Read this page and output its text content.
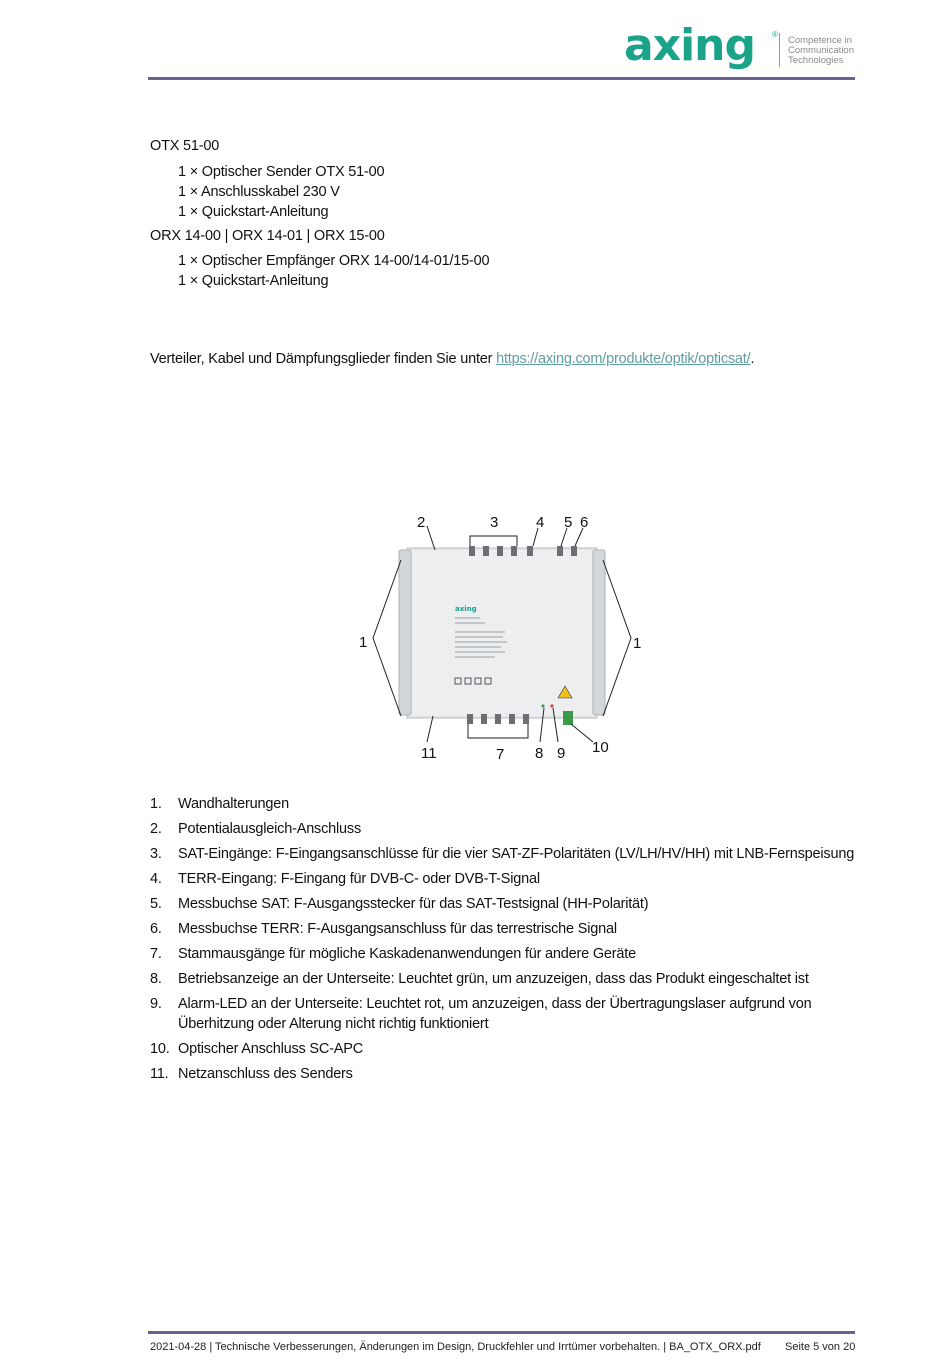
axing ®
Competence in
Communication
Technologies
OTX 51-00
1 × Optischer Sender OTX 51-00
1 × Anschlusskabel 230 V
1 × Quickstart-Anleitung
ORX 14-00 | ORX 14-01 | ORX 15-00
1 × Optischer Empfänger ORX 14-00/14-01/15-00
1 × Quickstart-Anleitung
Verteiler, Kabel und Dämpfungsglieder finden Sie unter https://axing.com/produkte/optik/opticsat/.
axing
1	1
2	3	4 5 6
7 8 9 10
11
1. Wandhalterungen
2. Potentialausgleich-Anschluss
3. SAT-Eingänge: F-Eingangsanschlüsse für die vier SAT-ZF-Polaritäten (LV/LH/HV/HH) mit LNB-Fernspeisung
4. TERR-Eingang: F-Eingang für DVB-C- oder DVB-T-Signal
5. Messbuchse SAT: F-Ausgangsstecker für das SAT-Testsignal (HH-Polarität)
6. Messbuchse TERR: F-Ausgangsanschluss für das terrestrische Signal
7. Stammausgänge für mögliche Kaskadenanwendungen für andere Geräte
8. Betriebsanzeige an der Unterseite: Leuchtet grün, um anzuzeigen, dass das Produkt eingeschaltet ist
9. Alarm-LED an der Unterseite: Leuchtet rot, um anzuzeigen, dass der Übertragungslaser aufgrund von
Überhitzung oder Alterung nicht richtig funktioniert
10. Optischer Anschluss SC-APC
11. Netzanschluss des Senders
2021-04-28 | Technische Verbesserungen, Änderungen im Design, Druckfehler und Irrtümer vorbehalten. | BA_OTX_ORX.pdf Seite 5 von 20
